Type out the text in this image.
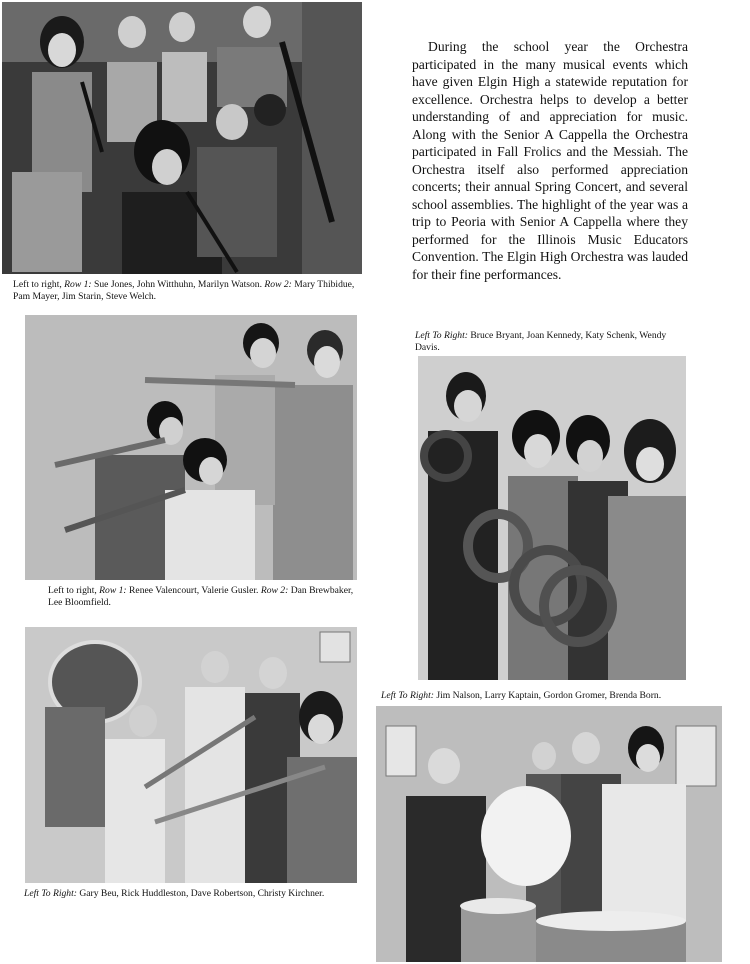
Left to right, Row 1: Sue Jones, John Witthuhn, Marilyn Watson. Row 2: Mary Thibidue, Pam Mayer, Jim Starin, Steve Welch.

During the school year the Orchestra participated in the many musical events which have given Elgin High a statewide reputation for excellence. Orchestra helps to develop a better understanding of and appreciation for music. Along with the Senior A Cappella the Orchestra participated in Fall Frolics and the Messiah. The Orchestra itself also performed appreciation concerts; their annual Spring Concert, and several school assemblies. The highlight of the year was a trip to Peoria with Senior A Cappella where they performed for the Illinois Music Educators Convention. The Elgin High Orchestra was lauded for their fine performances.

Left to right, Row 1: Renee Valencourt, Valerie Gusler. Row 2: Dan Brewbaker, Lee Bloomfield.
Left To Right: Bruce Bryant, Joan Kennedy, Katy Schenk, Wendy Davis.
Left To Right: Jim Nalson, Larry Kaptain, Gordon Gromer, Brenda Born.
Left To Right: Gary Beu, Rick Huddleston, Dave Robertson, Christy Kirchner.
